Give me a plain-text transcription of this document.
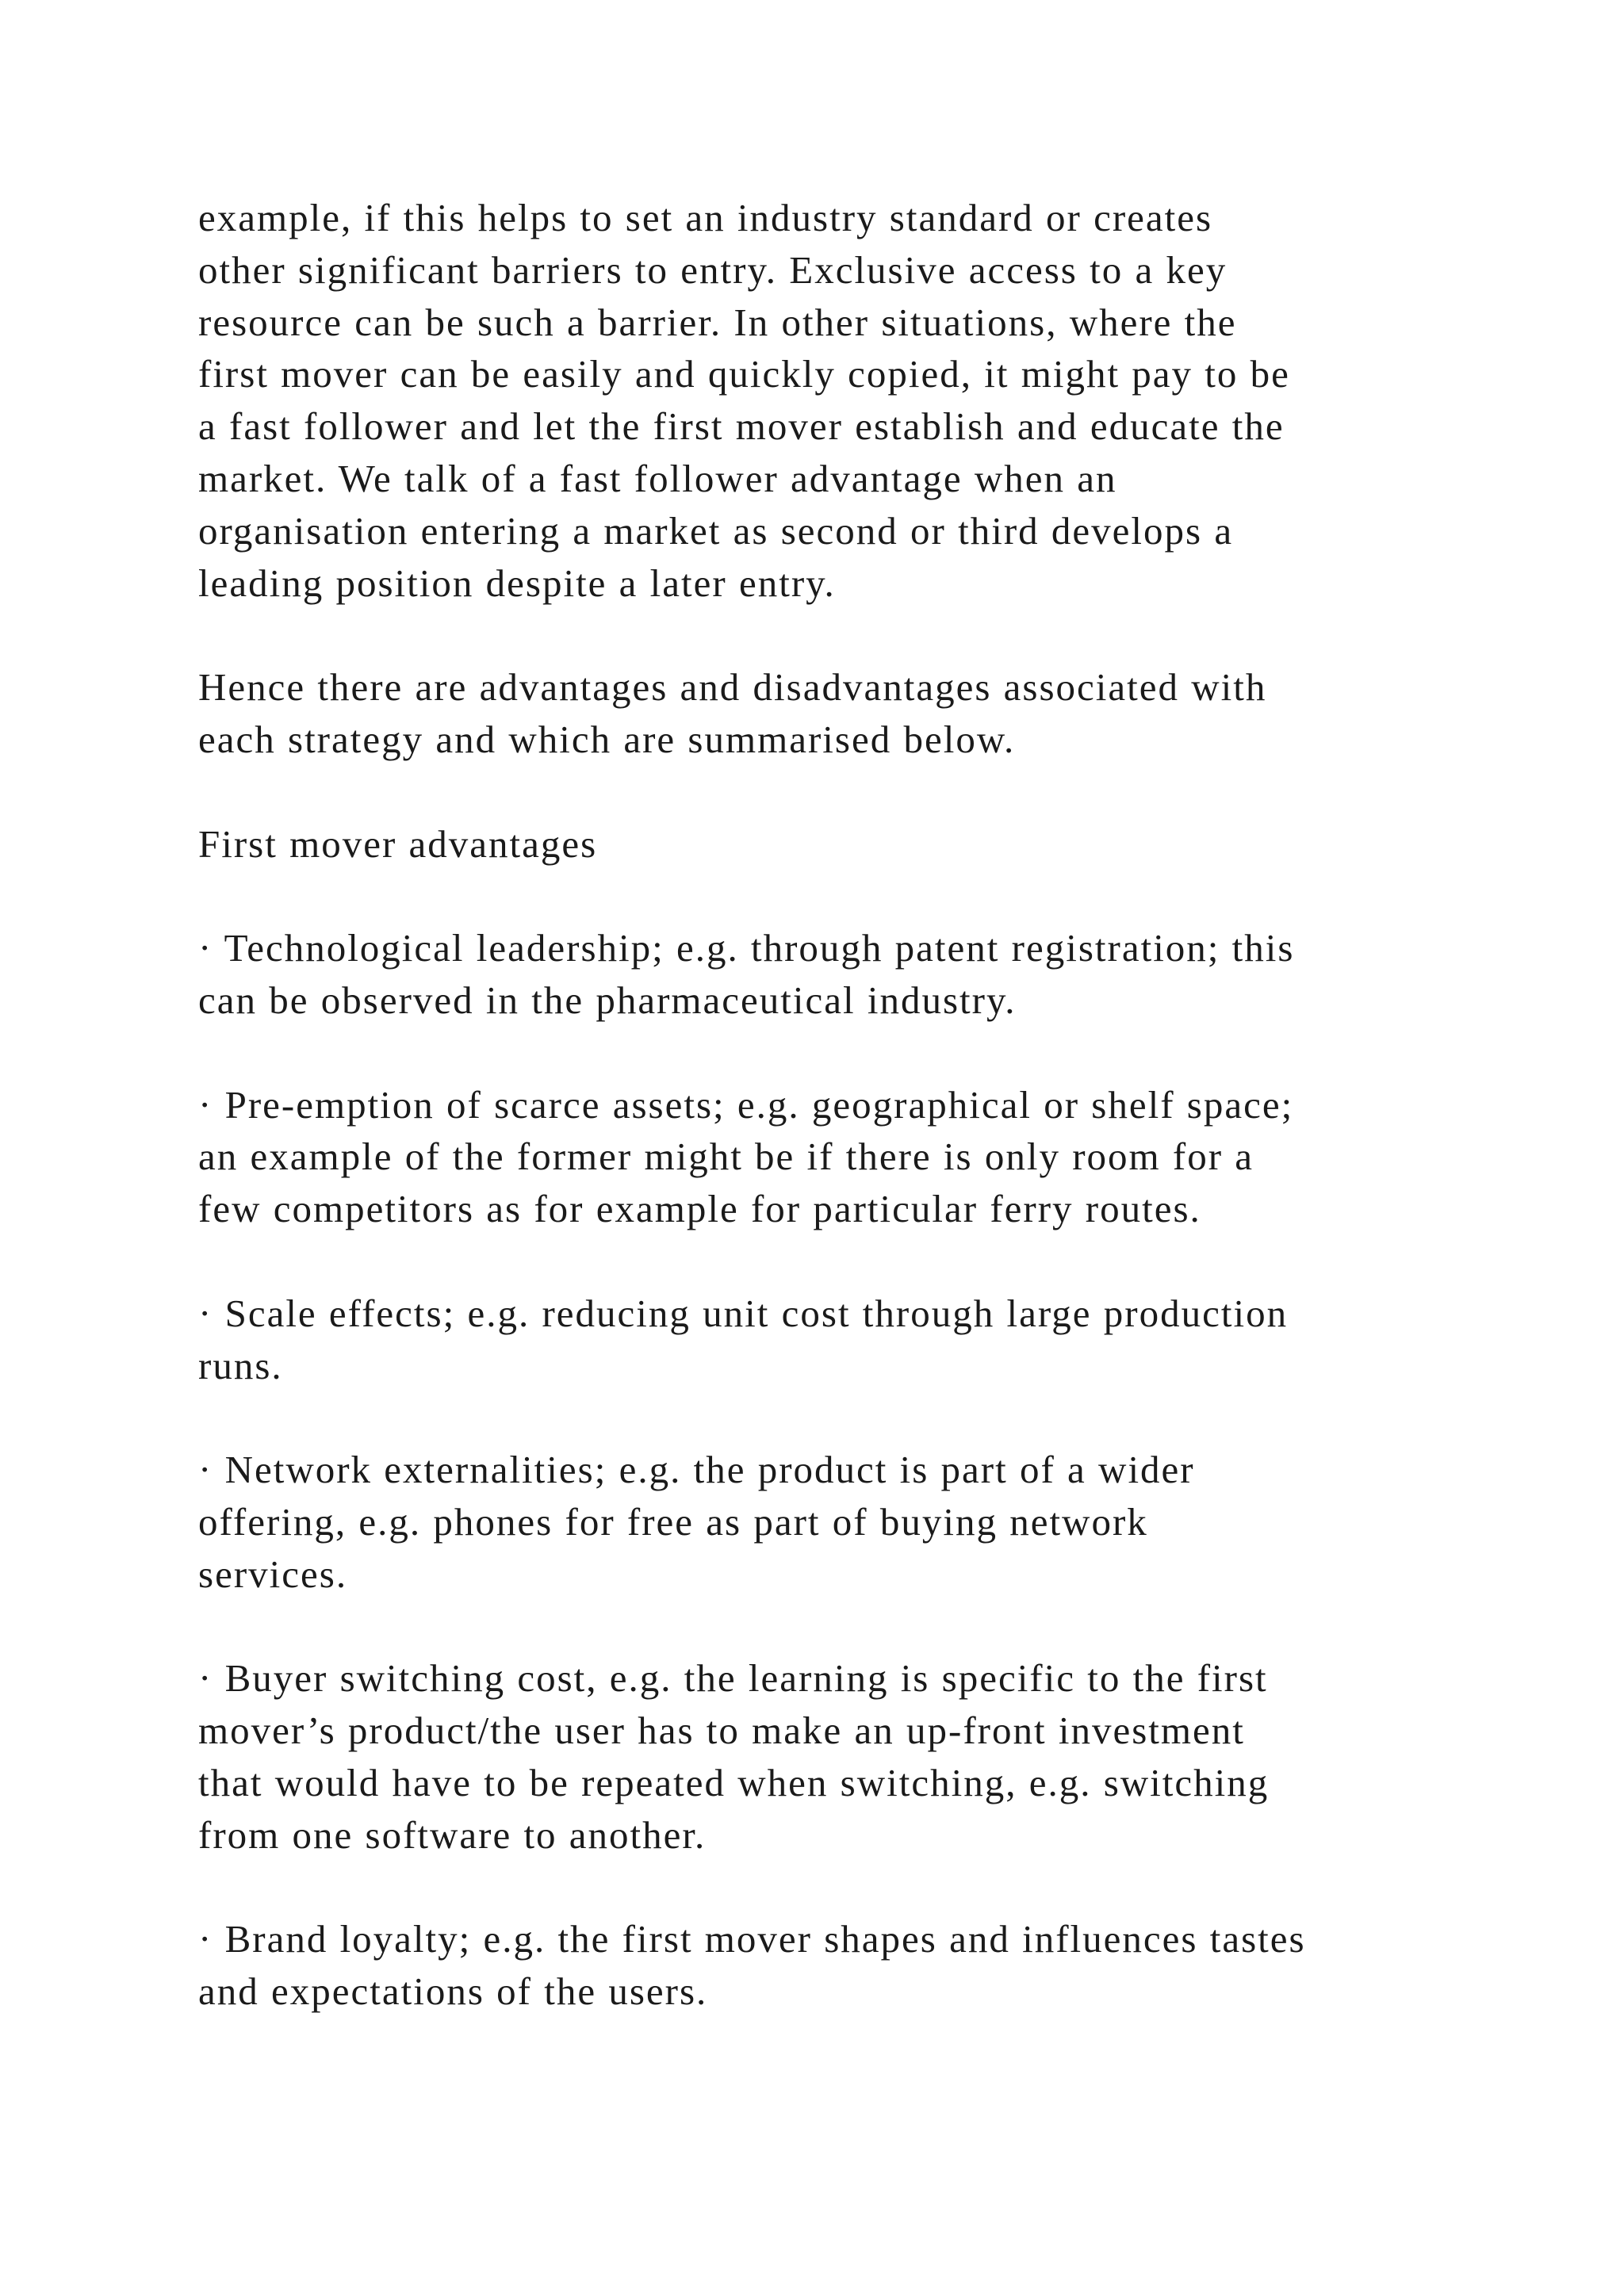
example, if this helps to set an industry standard or creates
other significant barriers to entry. Exclusive access to a key
resource can be such a barrier. In other situations, where the
first mover can be easily and quickly copied, it might pay to be
a fast follower and let the first mover establish and educate the
market. We talk of a fast follower advantage when an
organisation entering a market as second or third develops a
leading position despite a later entry.
Hence there are advantages and disadvantages associated with
each strategy and which are summarised below.
First mover advantages
· Technological leadership; e.g. through patent registration; this
can be observed in the pharmaceutical industry.
· Pre-emption of scarce assets; e.g. geographical or shelf space;
an example of the former might be if there is only room for a
few competitors as for example for particular ferry routes.
· Scale effects; e.g. reducing unit cost through large production
runs.
· Network externalities; e.g. the product is part of a wider
offering, e.g. phones for free as part of buying network
services.
· Buyer switching cost, e.g. the learning is specific to the first
mover’s product/the user has to make an up-front investment
that would have to be repeated when switching, e.g. switching
from one software to another.
· Brand loyalty; e.g. the first mover shapes and influences tastes
and expectations of the users.
